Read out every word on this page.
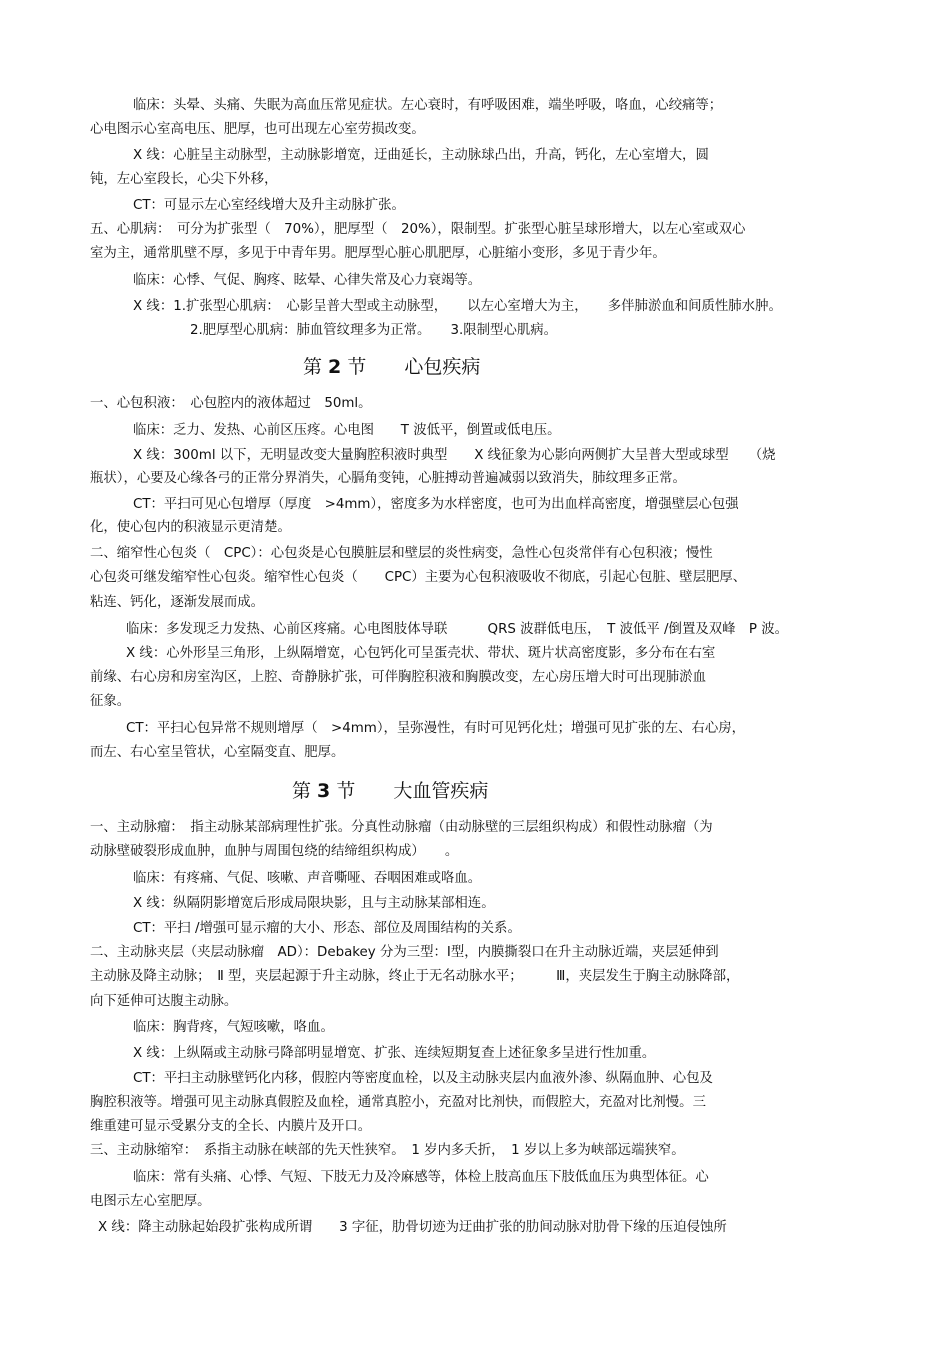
临床：头晕、头痛、失眠为高血压常见症状。左心衰时，有呼吸困难，端坐呼吸，咯血，心绞痛等；
心电图示心室高电压、肥厚，也可出现左心室劳损改变。
X 线：心脏呈主动脉型，主动脉影增宽，迂曲延长，主动脉球凸出，升高，钙化，左心室增大，圆
钝，左心室段长，心尖下外移，
CT：可显示左心室经线增大及升主动脉扩张。
五、心肌病：　可分为扩张型（　70%），肥厚型（　20%），限制型。扩张型心脏呈球形增大，以左心室或双心
室为主，通常肌壁不厚，多见于中青年男。肥厚型心脏心肌肥厚，心脏缩小变形，多见于青少年。
临床：心悸、气促、胸疼、眩晕、心律失常及心力衰竭等。
X 线：1.扩张型心肌病：　心影呈普大型或主动脉型，　　以左心室增大为主，　　多伴肺淤血和间质性肺水肿。
2.肥厚型心肌病：肺血管纹理多为正常。　　3.限制型心肌病。
第 2 节　　心包疾病
一、心包积液：　心包腔内的液体超过　50ml。
临床：乏力、发热、心前区压疼。心电图　　T 波低平，倒置或低电压。
X 线：300ml 以下，无明显改变大量胸腔积液时典型　　X 线征象为心影向两侧扩大呈普大型或球型　　（烧
瓶状），心要及心缘各弓的正常分界消失，心膈角变钝，心脏搏动普遍减弱以致消失，肺纹理多正常。
CT：平扫可见心包增厚（厚度　>4mm），密度多为水样密度，也可为出血样高密度，增强壁层心包强
化，使心包内的积液显示更清楚。
二、缩窄性心包炎（　CPC）：心包炎是心包膜脏层和壁层的炎性病变，急性心包炎常伴有心包积液；慢性
心包炎可继发缩窄性心包炎。缩窄性心包炎（　　CPC）主要为心包积液吸收不彻底，引起心包脏、壁层肥厚、
粘连、钙化，逐渐发展而成。
临床：多发现乏力发热、心前区疼痛。心电图肢体导联　　　QRS 波群低电压，　T 波低平 /倒置及双峰　P 波。
X 线：心外形呈三角形，上纵隔增宽，心包钙化可呈蛋壳状、带状、斑片状高密度影，多分布在右室
前缘、右心房和房室沟区，上腔、奇静脉扩张，可伴胸腔积液和胸膜改变，左心房压增大时可出现肺淤血
征象。
CT：平扫心包异常不规则增厚（　>4mm），呈弥漫性，有时可见钙化灶；增强可见扩张的左、右心房，
而左、右心室呈管状，心室隔变直、肥厚。
第 3 节　　大血管疾病
一、主动脉瘤：　指主动脉某部病理性扩张。分真性动脉瘤（由动脉壁的三层组织构成）和假性动脉瘤（为
动脉壁破裂形成血肿，血肿与周围包绕的结缔组织构成）　　。
临床：有疼痛、气促、咳嗽、声音嘶哑、吞咽困难或咯血。
X 线：纵隔阴影增宽后形成局限块影，且与主动脉某部相连。
CT：平扫 /增强可显示瘤的大小、形态、部位及周围结构的关系。
二、主动脉夹层（夹层动脉瘤　AD）：Debakey 分为三型：Ⅰ型，内膜撕裂口在升主动脉近端，夹层延伸到
主动脉及降主动脉；　Ⅱ 型，夹层起源于升主动脉，终止于无名动脉水平；　　　Ⅲ，夹层发生于胸主动脉降部，
向下延伸可达腹主动脉。
临床：胸背疼，气短咳嗽，咯血。
X 线：上纵隔或主动脉弓降部明显增宽、扩张、连续短期复查上述征象多呈进行性加重。
CT：平扫主动脉壁钙化内移，假腔内等密度血栓，以及主动脉夹层内血液外渗、纵隔血肿、心包及
胸腔积液等。增强可见主动脉真假腔及血栓，通常真腔小，充盈对比剂快，而假腔大，充盈对比剂慢。三
维重建可显示受累分支的全长、内膜片及开口。
三、主动脉缩窄：　系指主动脉在峡部的先天性狭窄。　1 岁内多夭折，　1 岁以上多为峡部远端狭窄。
临床：常有头痛、心悸、气短、下肢无力及冷麻感等，体检上肢高血压下肢低血压为典型体征。心
电图示左心室肥厚。
X 线：降主动脉起始段扩张构成所谓　　3 字征，肋骨切迹为迂曲扩张的肋间动脉对肋骨下缘的压迫侵蚀所
